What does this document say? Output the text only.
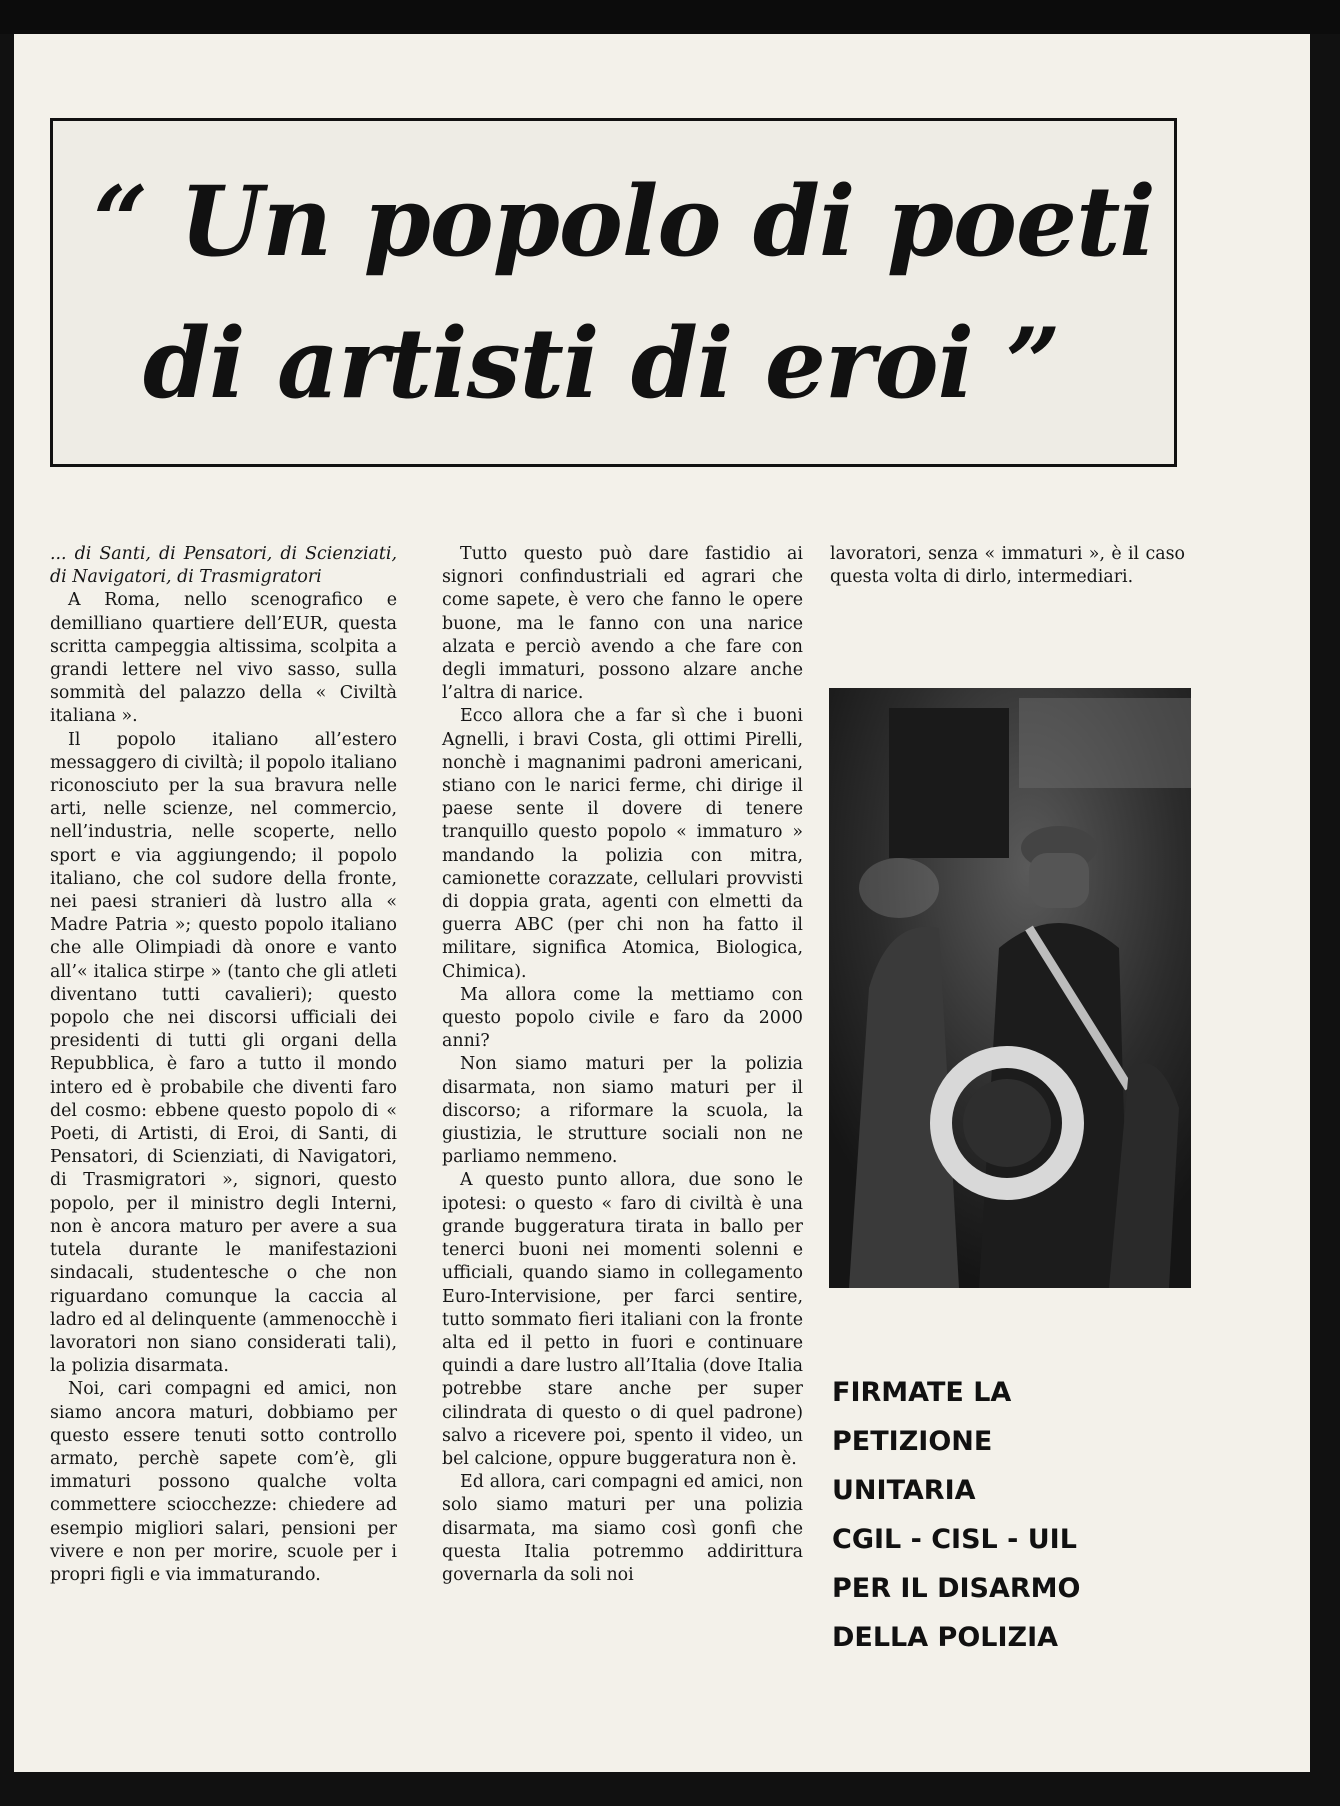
“ Un popolo di poeti
di artisti di eroi ”

... di Santi, di Pensatori, di Scienziati, di Navigatori, di Trasmigratori

A Roma, nello scenografico e demilliano quartiere dell’EUR, questa scritta campeggia altissima, scolpita a grandi lettere nel vivo sasso, sulla sommità del palazzo della « Civiltà italiana ».

Il popolo italiano all’estero messaggero di civiltà; il popolo italiano riconosciuto per la sua bravura nelle arti, nelle scienze, nel commercio, nell’industria, nelle scoperte, nello sport e via aggiungendo; il popolo italiano, che col sudore della fronte, nei paesi stranieri dà lustro alla « Madre Patria »; questo popolo italiano che alle Olimpiadi dà onore e vanto all’« italica stirpe » (tanto che gli atleti diventano tutti cavalieri); questo popolo che nei discorsi ufficiali dei presidenti di tutti gli organi della Repubblica, è faro a tutto il mondo intero ed è probabile che diventi faro del cosmo: ebbene questo popolo di « Poeti, di Artisti, di Eroi, di Santi, di Pensatori, di Scienziati, di Navigatori, di Trasmigratori », signori, questo popolo, per il ministro degli Interni, non è ancora maturo per avere a sua tutela durante le manifestazioni sindacali, studentesche o che non riguardano comunque la caccia al ladro ed al delinquente (ammenocchè i lavoratori non siano considerati tali), la polizia disarmata.

Noi, cari compagni ed amici, non siamo ancora maturi, dobbiamo per questo essere tenuti sotto controllo armato, perchè sapete com’è, gli immaturi possono qualche volta commettere sciocchezze: chiedere ad esempio migliori salari, pensioni per vivere e non per morire, scuole per i propri figli e via immaturando.

Tutto questo può dare fastidio ai signori confindustriali ed agrari che come sapete, è vero che fanno le opere buone, ma le fanno con una narice alzata e perciò avendo a che fare con degli immaturi, possono alzare anche l’altra di narice.

Ecco allora che a far sì che i buoni Agnelli, i bravi Costa, gli ottimi Pirelli, nonchè i magnanimi padroni americani, stiano con le narici ferme, chi dirige il paese sente il dovere di tenere tranquillo questo popolo « immaturo » mandando la polizia con mitra, camionette corazzate, cellulari provvisti di doppia grata, agenti con elmetti da guerra ABC (per chi non ha fatto il militare, significa Atomica, Biologica, Chimica).

Ma allora come la mettiamo con questo popolo civile e faro da 2000 anni?

Non siamo maturi per la polizia disarmata, non siamo maturi per il discorso; a riformare la scuola, la giustizia, le strutture sociali non ne parliamo nemmeno.

A questo punto allora, due sono le ipotesi: o questo « faro di civiltà è una grande buggeratura tirata in ballo per tenerci buoni nei momenti solenni e ufficiali, quando siamo in collegamento Euro-Intervisione, per farci sentire, tutto sommato fieri italiani con la fronte alta ed il petto in fuori e continuare quindi a dare lustro all’Italia (dove Italia potrebbe stare anche per super cilindrata di questo o di quel padrone) salvo a ricevere poi, spento il video, un bel calcione, oppure buggeratura non è.

Ed allora, cari compagni ed amici, non solo siamo maturi per una polizia disarmata, ma siamo così gonfi che questa Italia potremmo addirittura governarla da soli noi

lavoratori, senza « immaturi », è il caso questa volta di dirlo, intermediari.

FIRMATE LA
PETIZIONE
UNITARIA
CGIL - CISL - UIL
PER IL DISARMO
DELLA POLIZIA
